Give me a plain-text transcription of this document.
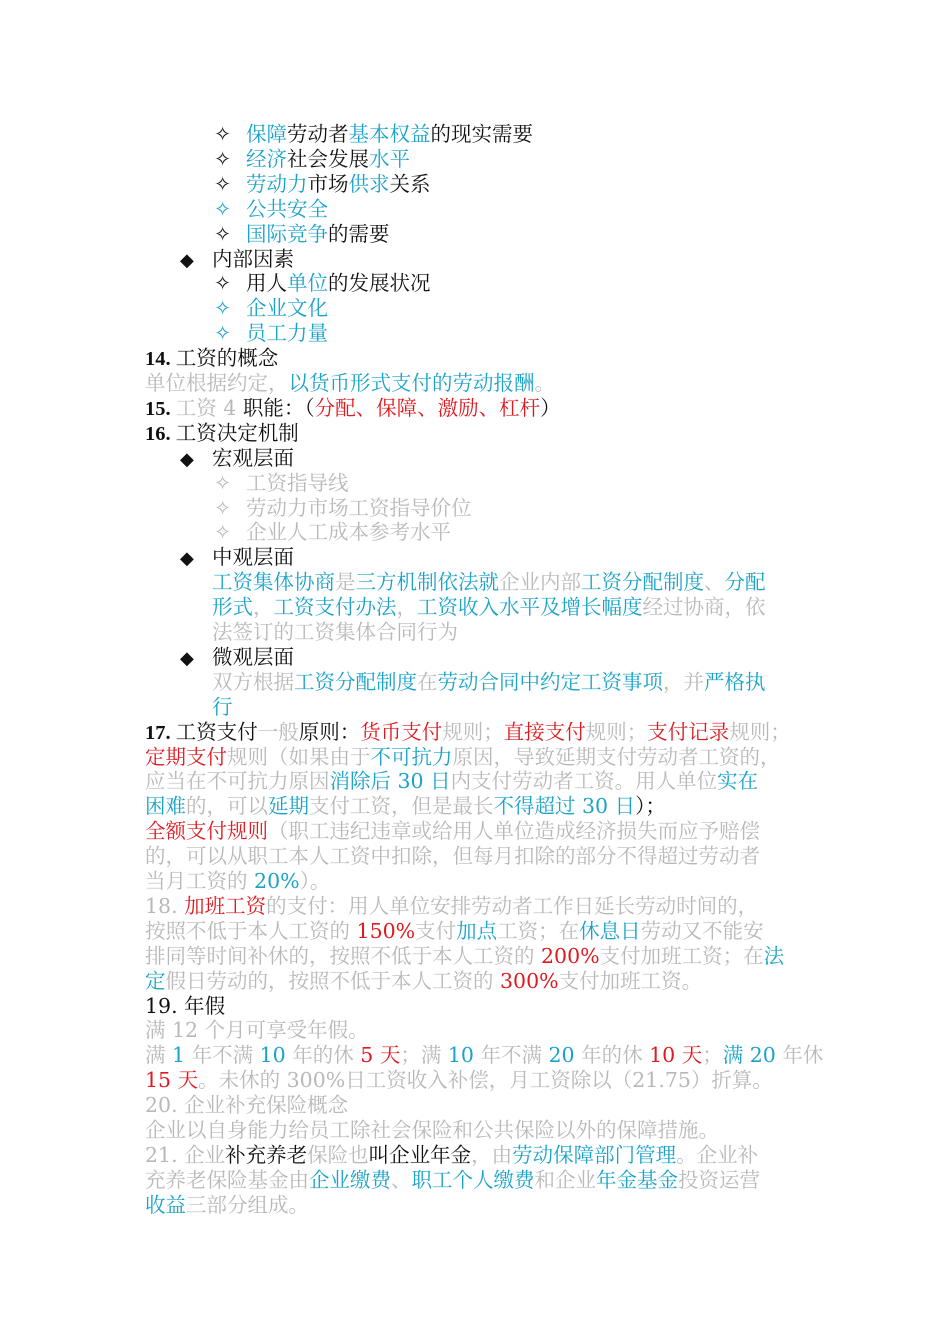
✧ 保障劳动者基本权益的现实需要
✧ 经济社会发展水平
✧ 劳动力市场供求关系
✧ 公共安全
✧ 国际竞争的需要
◆ 内部因素
✧ 用人单位的发展状况
✧ 企业文化
✧ 员工力量
14. 工资的概念
单位根据约定，以货币形式支付的劳动报酬。
15. 工资 4 职能：（分配、保障、激励、杠杆）
16. 工资决定机制
◆ 宏观层面
✧ 工资指导线
✧ 劳动力市场工资指导价位
✧ 企业人工成本参考水平
◆ 中观层面
工资集体协商是三方机制依法就企业内部工资分配制度、分配
形式，工资支付办法，工资收入水平及增长幅度经过协商，依
法签订的工资集体合同行为
◆ 微观层面
双方根据工资分配制度在劳动合同中约定工资事项，并严格执
行
17. 工资支付一般原则：货币支付规则；直接支付规则；支付记录规则；
定期支付规则（如果由于不可抗力原因，导致延期支付劳动者工资的，
应当在不可抗力原因消除后 30 日内支付劳动者工资。用人单位实在
困难的，可以延期支付工资，但是最长不得超过 30 日）；
全额支付规则（职工违纪违章或给用人单位造成经济损失而应予赔偿
的，可以从职工本人工资中扣除，但每月扣除的部分不得超过劳动者
当月工资的 20%）。
18. 加班工资的支付：用人单位安排劳动者工作日延长劳动时间的，
按照不低于本人工资的 150%支付加点工资；在休息日劳动又不能安
排同等时间补休的，按照不低于本人工资的 200%支付加班工资；在法
定假日劳动的，按照不低于本人工资的 300%支付加班工资。
19. 年假
满 12 个月可享受年假。
满 1 年不满 10 年的休 5 天；满 10 年不满 20 年的休 10 天；满 20 年休
15 天。未休的 300%日工资收入补偿，月工资除以（21.75）折算。
20. 企业补充保险概念
企业以自身能力给员工除社会保险和公共保险以外的保障措施。
21. 企业补充养老保险也叫企业年金，由劳动保障部门管理。企业补
充养老保险基金由企业缴费、职工个人缴费和企业年金基金投资运营
收益三部分组成。
